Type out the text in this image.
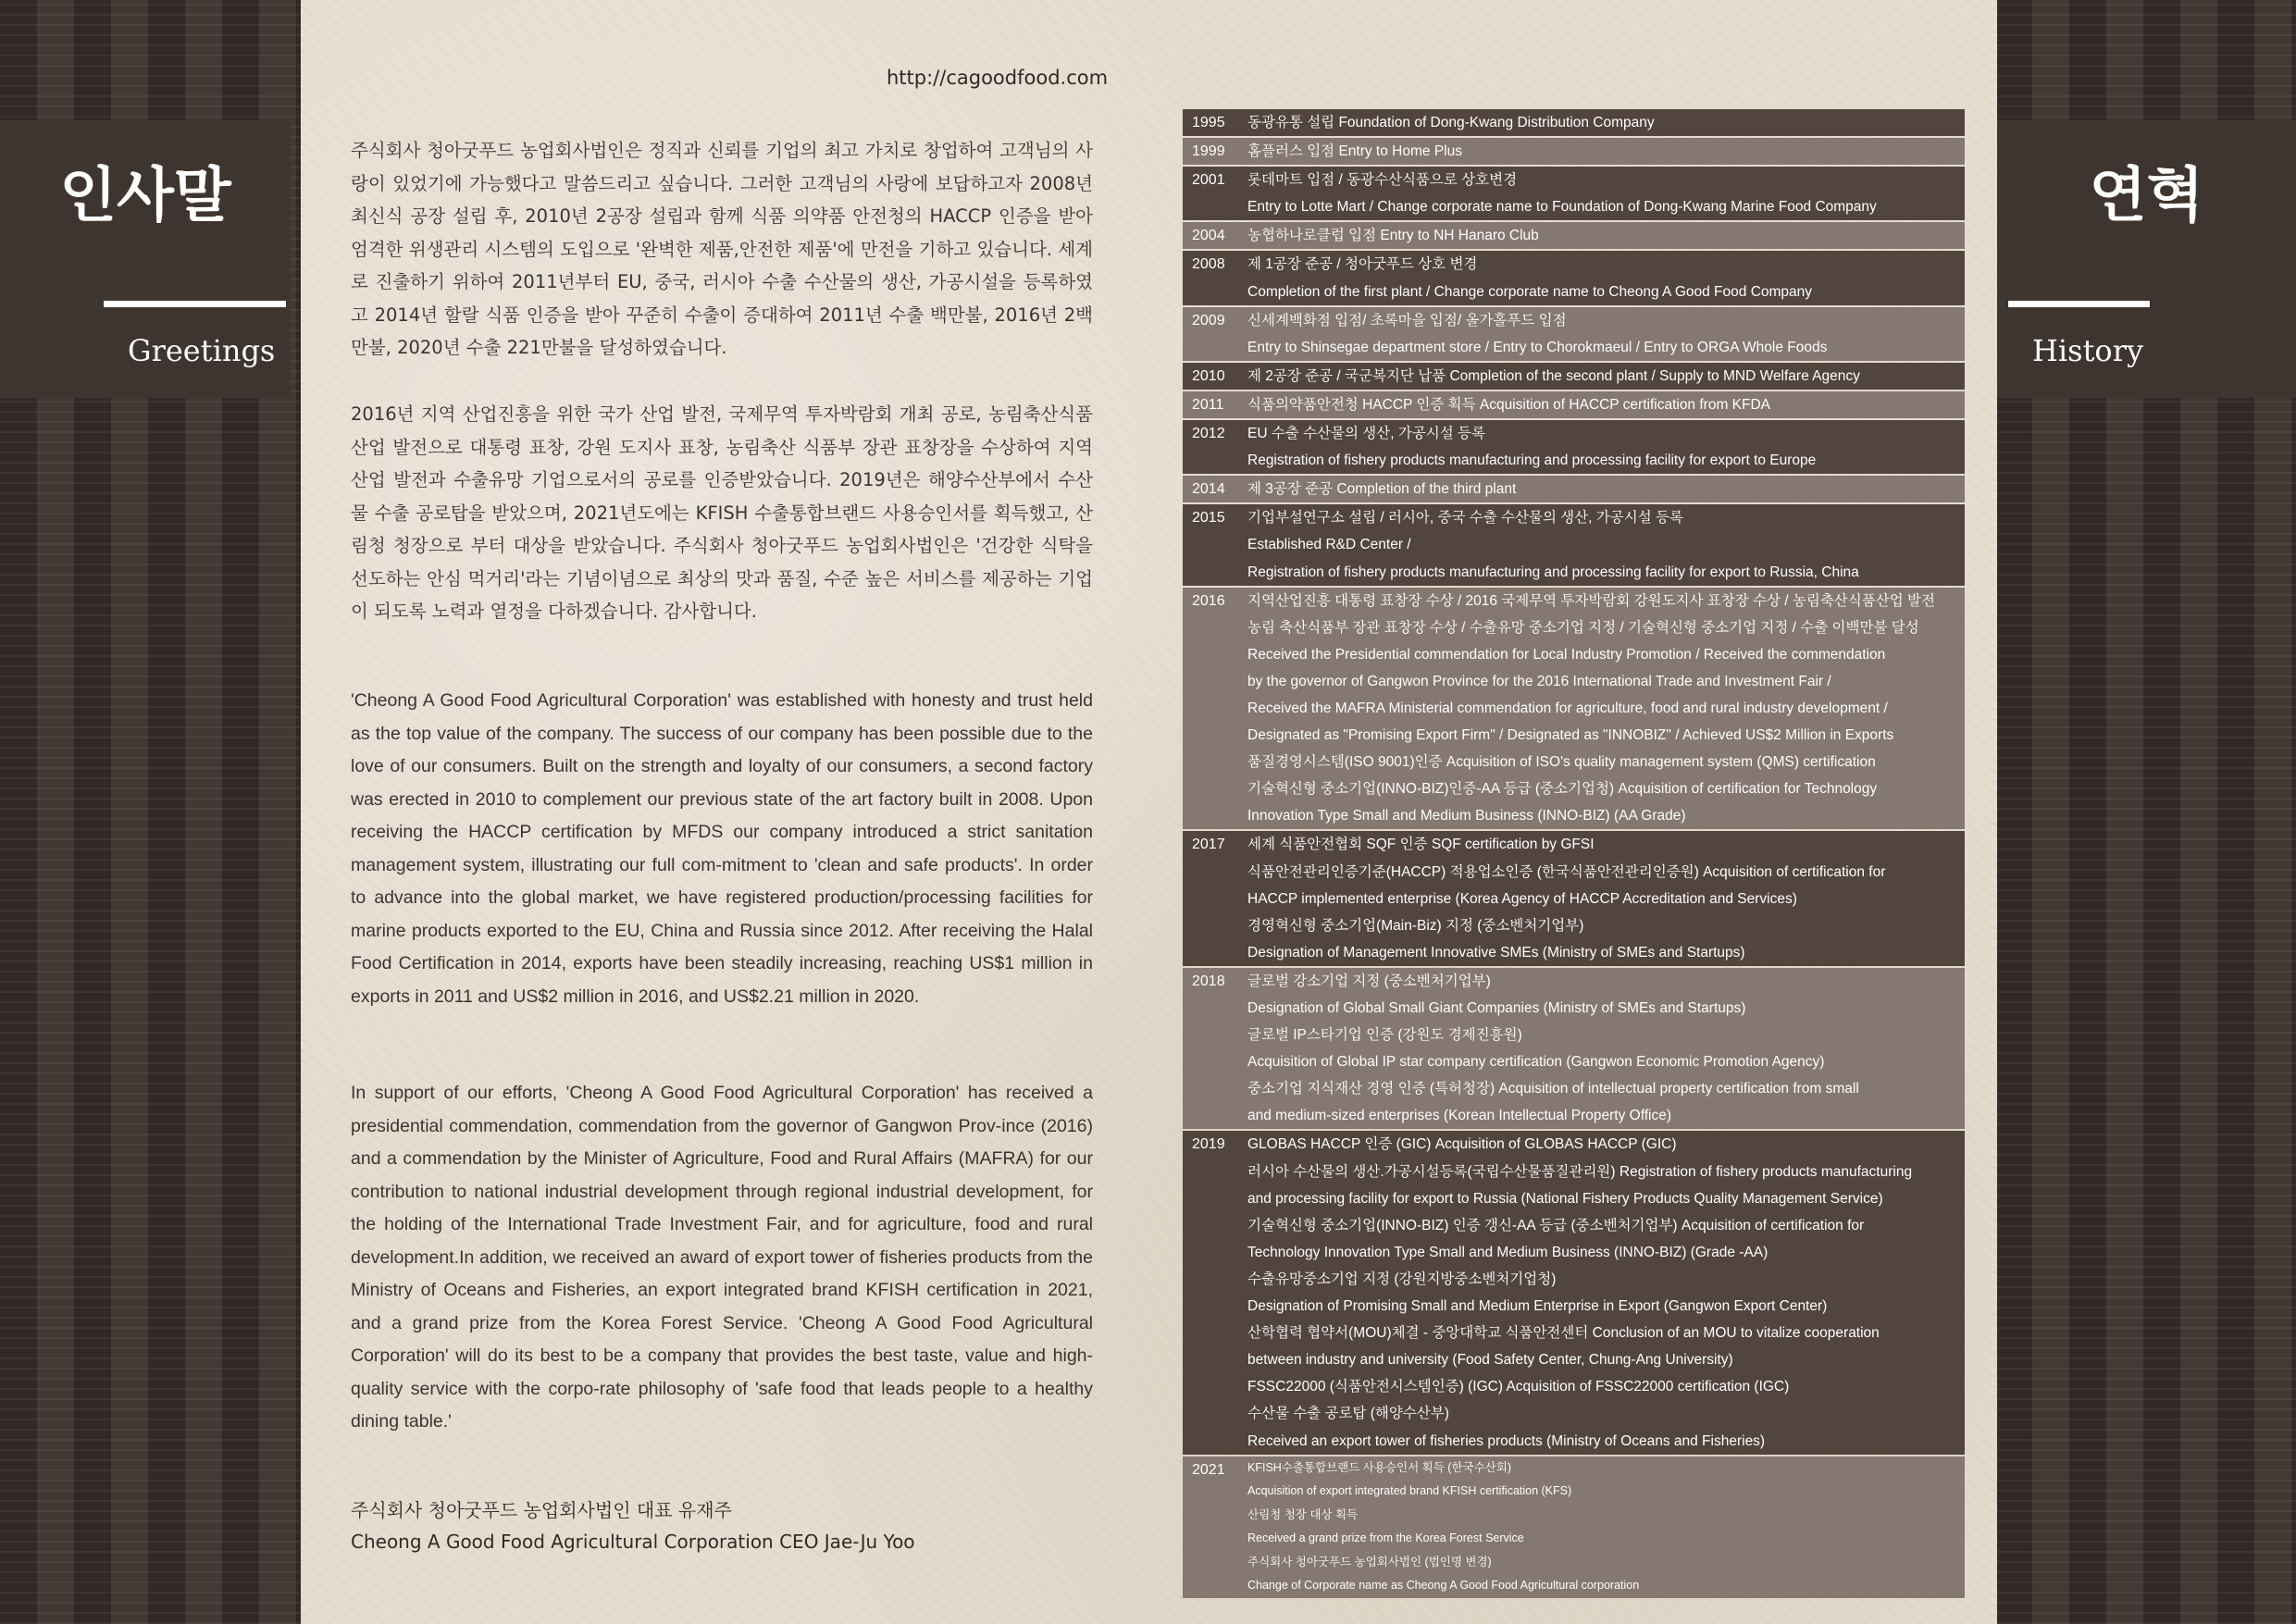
인사말
Greetings
연혁
History
http://cagoodfood.com

주식회사 청아굿푸드 농업회사법인은 정직과 신뢰를 기업의 최고 가치로 창업하여 고객님의 사랑이 있었기에 가능했다고 말씀드리고 싶습니다. 그러한 고객님의 사랑에 보답하고자 2008년 최신식 공장 설립 후, 2010년 2공장 설립과 함께 식품 의약품 안전청의 HACCP 인증을 받아 엄격한 위생관리 시스템의 도입으로 '완벽한 제품,안전한 제품'에 만전을 기하고 있습니다. 세계로 진출하기 위하여 2011년부터 EU, 중국, 러시아 수출 수산물의 생산, 가공시설을 등록하였고 2014년 할랄 식품 인증을 받아 꾸준히 수출이 증대하여 2011년 수출 백만불, 2016년 2백만불, 2020년 수출 221만불을 달성하였습니다.

2016년 지역 산업진흥을 위한 국가 산업 발전, 국제무역 투자박람회 개최 공로, 농림축산식품산업 발전으로 대통령 표창, 강원 도지사 표창, 농림축산 식품부 장관 표창장을 수상하여 지역산업 발전과 수출유망 기업으로서의 공로를 인증받았습니다. 2019년은 해양수산부에서 수산물 수출 공로탑을 받았으며, 2021년도에는 KFISH 수출통합브랜드 사용승인서를 획득했고, 산림청 청장으로 부터 대상을 받았습니다. 주식회사 청아굿푸드 농업회사법인은 '건강한 식탁을 선도하는 안심 먹거리'라는 기념이념으로 최상의 맛과 품질, 수준 높은 서비스를 제공하는 기업이 되도록 노력과 열정을 다하겠습니다. 감사합니다.

'Cheong A Good Food Agricultural Corporation' was established with honesty and trust held as the top value of the company. The success of our company has been possible due to the love of our consumers. Built on the strength and loyalty of our consumers, a second factory was erected in 2010 to complement our previous state of the art factory built in 2008. Upon receiving the HACCP certification by MFDS our company introduced a strict sanitation management system, illustrating our full com-mitment to 'clean and safe products'. In order to advance into the global market, we have registered production/processing facilities for marine products exported to the EU, China and Russia since 2012. After receiving the Halal Food Certification in 2014, exports have been steadily increasing, reaching US$1 million in exports in 2011 and US$2 million in 2016, and US$2.21 million in 2020.

In support of our efforts, 'Cheong A Good Food Agricultural Corporation' has received a presidential commendation, commendation from the governor of Gangwon Prov-ince (2016) and a commendation by the Minister of Agriculture, Food and Rural Affairs (MAFRA) for our contribution to national industrial development through regional industrial development, for the holding of the International Trade Investment Fair, and for agriculture, food and rural development.In addition, we received an award of export tower of fisheries products from the Ministry of Oceans and Fisheries, an export integrated brand KFISH certification in 2021, and a grand prize from the Korea Forest Service. 'Cheong A Good Food Agricultural Corporation' will do its best to be a company that provides the best taste, value and high-quality service with the corpo-rate philosophy of 'safe food that leads people to a healthy dining table.'

주식회사 청아굿푸드 농업회사법인 대표 유재주

Cheong A Good Food Agricultural Corporation CEO Jae-Ju Yoo

1995	동광유통 설립 Foundation of Dong-Kwang Distribution Company
1999	홈플러스 입점 Entry to Home Plus
2001	롯데마트 입점 / 동광수산식품으로 상호변경
Entry to Lotte Mart / Change corporate name to Foundation of Dong-Kwang Marine Food Company
2004	농협하나로클럽 입점 Entry to NH Hanaro Club
2008	제 1공장 준공 / 청아굿푸드 상호 변경
Completion of the first plant / Change corporate name to Cheong A Good Food Company
2009	신세계백화점 입점/ 초록마을 입점/ 올가홀푸드 입점
Entry to Shinsegae department store / Entry to Chorokmaeul / Entry to ORGA Whole Foods
2010	제 2공장 준공 / 국군복지단 납품 Completion of the second plant / Supply to MND Welfare Agency
2011	식품의약품안전청 HACCP 인증 획득 Acquisition of HACCP certification from KFDA
2012	EU 수출 수산물의 생산, 가공시설 등록
Registration of fishery products manufacturing and processing facility for export to Europe
2014	제 3공장 준공 Completion of the third plant
2015	기업부설연구소 설립 / 러시아, 중국 수출 수산물의 생산, 가공시설 등록
Established R&D Center /
Registration of fishery products manufacturing and processing facility for export to Russia, China
2016	지역산업진흥 대통령 표창장 수상 / 2016 국제무역 투자박람회 강원도지사 표창장 수상 / 농림축산식품산업 발전
농림 축산식품부 장관 표창장 수상 / 수출유망 중소기업 지정 / 기술혁신형 중소기업 지정 / 수출 이백만불 달성
Received the Presidential commendation for Local Industry Promotion / Received the commendation
by the governor of Gangwon Province for the 2016 International Trade and Investment Fair /
Received the MAFRA Ministerial commendation for agriculture, food and rural industry development /
Designated as "Promising Export Firm" / Designated as "INNOBIZ" / Achieved US$2 Million in Exports
품질경영시스템(ISO 9001)인증 Acquisition of ISO's quality management system (QMS) certification
기술혁신형 중소기업(INNO-BIZ)인증-AA 등급 (중소기업청) Acquisition of certification for Technology
Innovation Type Small and Medium Business (INNO-BIZ) (AA Grade)
2017	세계 식품안전협회 SQF 인증 SQF certification by GFSI
식품안전관리인증기준(HACCP) 적용업소인증 (한국식품안전관리인증원) Acquisition of certification for
HACCP implemented enterprise (Korea Agency of HACCP Accreditation and Services)
경영혁신형 중소기업(Main-Biz) 지정 (중소벤처기업부)
Designation of Management Innovative SMEs (Ministry of SMEs and Startups)
2018	글로벌 강소기업 지정 (중소벤처기업부)
Designation of Global Small Giant Companies (Ministry of SMEs and Startups)
글로벌 IP스타기업 인증 (강원도 경제진흥원)
Acquisition of Global IP star company certification (Gangwon Economic Promotion Agency)
중소기업 지식재산 경영 인증 (특허청장) Acquisition of intellectual property certification from small
and medium-sized enterprises (Korean Intellectual Property Office)
2019	GLOBAS HACCP 인증 (GIC) Acquisition of GLOBAS HACCP (GIC)
러시아 수산물의 생산.가공시설등록(국립수산물품질관리원) Registration of fishery products manufacturing
and processing facility for export to Russia (National Fishery Products Quality Management Service)
기술혁신형 중소기업(INNO-BIZ) 인증 갱신-AA 등급 (중소벤처기업부) Acquisition of certification for
Technology Innovation Type Small and Medium Business (INNO-BIZ) (Grade -AA)
수출유망중소기업 지정 (강원지방중소벤처기업청)
Designation of Promising Small and Medium Enterprise in Export (Gangwon Export Center)
산학협력 협약서(MOU)체결 - 중앙대학교 식품안전센터 Conclusion of an MOU to vitalize cooperation
between industry and university (Food Safety Center, Chung-Ang University)
FSSC22000 (식품안전시스템인증) (IGC) Acquisition of FSSC22000 certification (IGC)
수산물 수출 공로탑 (해양수산부)
Received an export tower of fisheries products (Ministry of Oceans and Fisheries)
2021	KFISH수출통합브랜드 사용승인서 획득 (한국수산회)
Acquisition of export integrated brand KFISH certification (KFS)
산림청 청장 대상 획득
Received a grand prize from the Korea Forest Service
주식회사 청아굿푸드 농업회사법인 (법인명 변경)
Change of Corporate name as Cheong A Good Food Agricultural corporation
